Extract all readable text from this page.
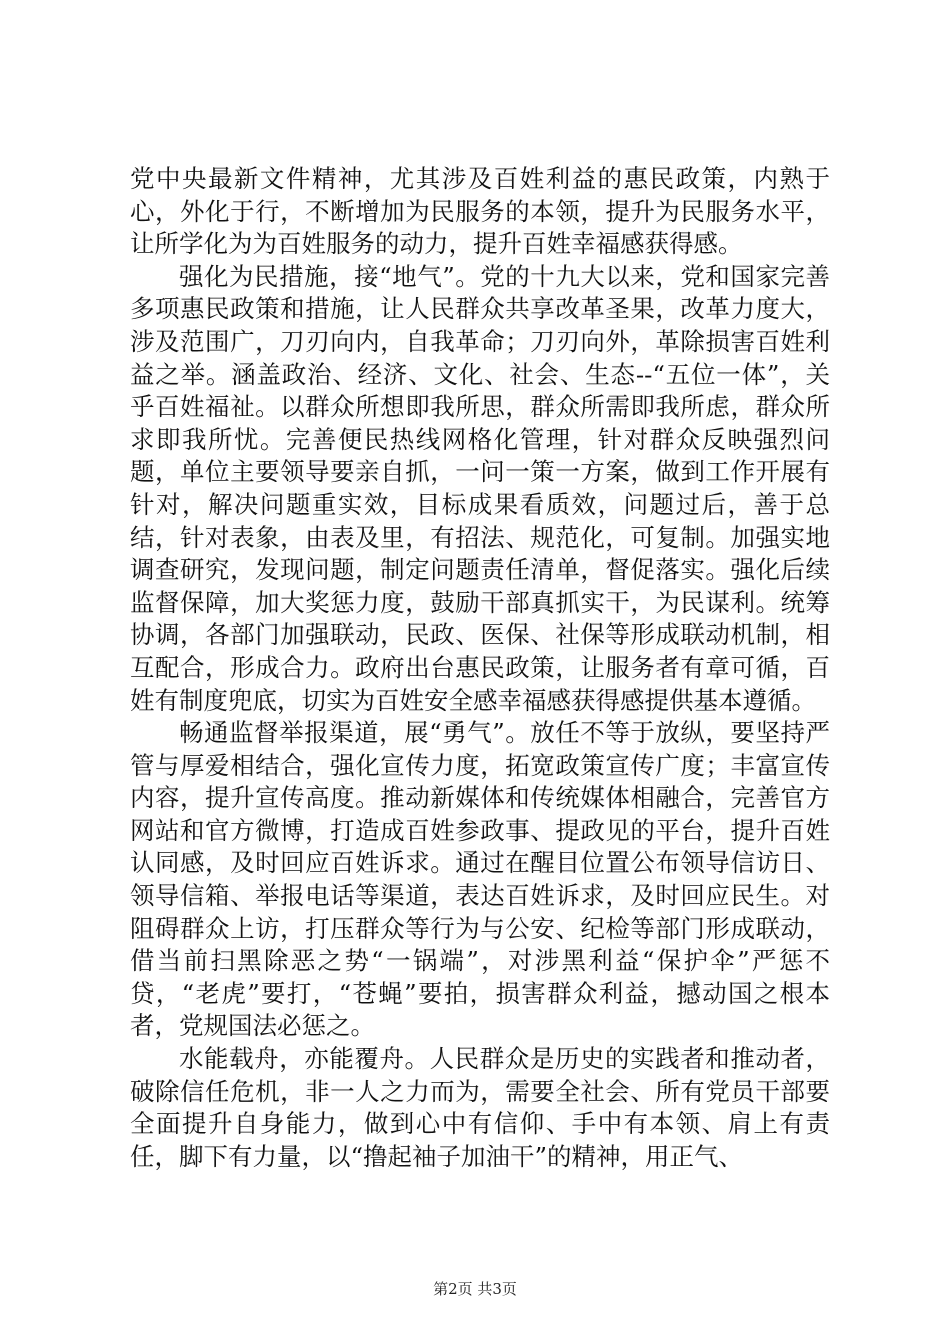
党中央最新文件精神，尤其涉及百姓利益的惠民政策，内熟于心，外化于行，不断增加为民服务的本领，提升为民服务水平，让所学化为为百姓服务的动力，提升百姓幸福感获得感。

强化为民措施，接“地气”。党的十九大以来，党和国家完善多项惠民政策和措施，让人民群众共享改革圣果，改革力度大，涉及范围广，刀刃向内，自我革命；刀刃向外，革除损害百姓利益之举。涵盖政治、经济、文化、社会、生态--“五位一体”，关乎百姓福祉。以群众所想即我所思，群众所需即我所虑，群众所求即我所忧。完善便民热线网格化管理，针对群众反映强烈问题，单位主要领导要亲自抓，一问一策一方案，做到工作开展有针对，解决问题重实效，目标成果看质效，问题过后，善于总结，针对表象，由表及里，有招法、规范化，可复制。加强实地调查研究，发现问题，制定问题责任清单，督促落实。强化后续监督保障，加大奖惩力度，鼓励干部真抓实干，为民谋利。统筹协调，各部门加强联动，民政、医保、社保等形成联动机制，相互配合，形成合力。政府出台惠民政策，让服务者有章可循，百姓有制度兜底，切实为百姓安全感幸福感获得感提供基本遵循。

畅通监督举报渠道，展“勇气”。放任不等于放纵，要坚持严管与厚爱相结合，强化宣传力度，拓宽政策宣传广度；丰富宣传内容，提升宣传高度。推动新媒体和传统媒体相融合，完善官方网站和官方微博，打造成百姓参政事、提政见的平台，提升百姓认同感，及时回应百姓诉求。通过在醒目位置公布领导信访日、领导信箱、举报电话等渠道，表达百姓诉求，及时回应民生。对阻碍群众上访，打压群众等行为与公安、纪检等部门形成联动，借当前扫黑除恶之势“一锅端”，对涉黑利益“保护伞”严惩不贷，“老虎”要打，“苍蝇”要拍，损害群众利益，撼动国之根本者，党规国法必惩之。

水能载舟，亦能覆舟。人民群众是历史的实践者和推动者，破除信任危机，非一人之力而为，需要全社会、所有党员干部要全面提升自身能力，做到心中有信仰、手中有本领、肩上有责任，脚下有力量，以“撸起袖子加油干”的精神，用正气、

第2页 共3页
